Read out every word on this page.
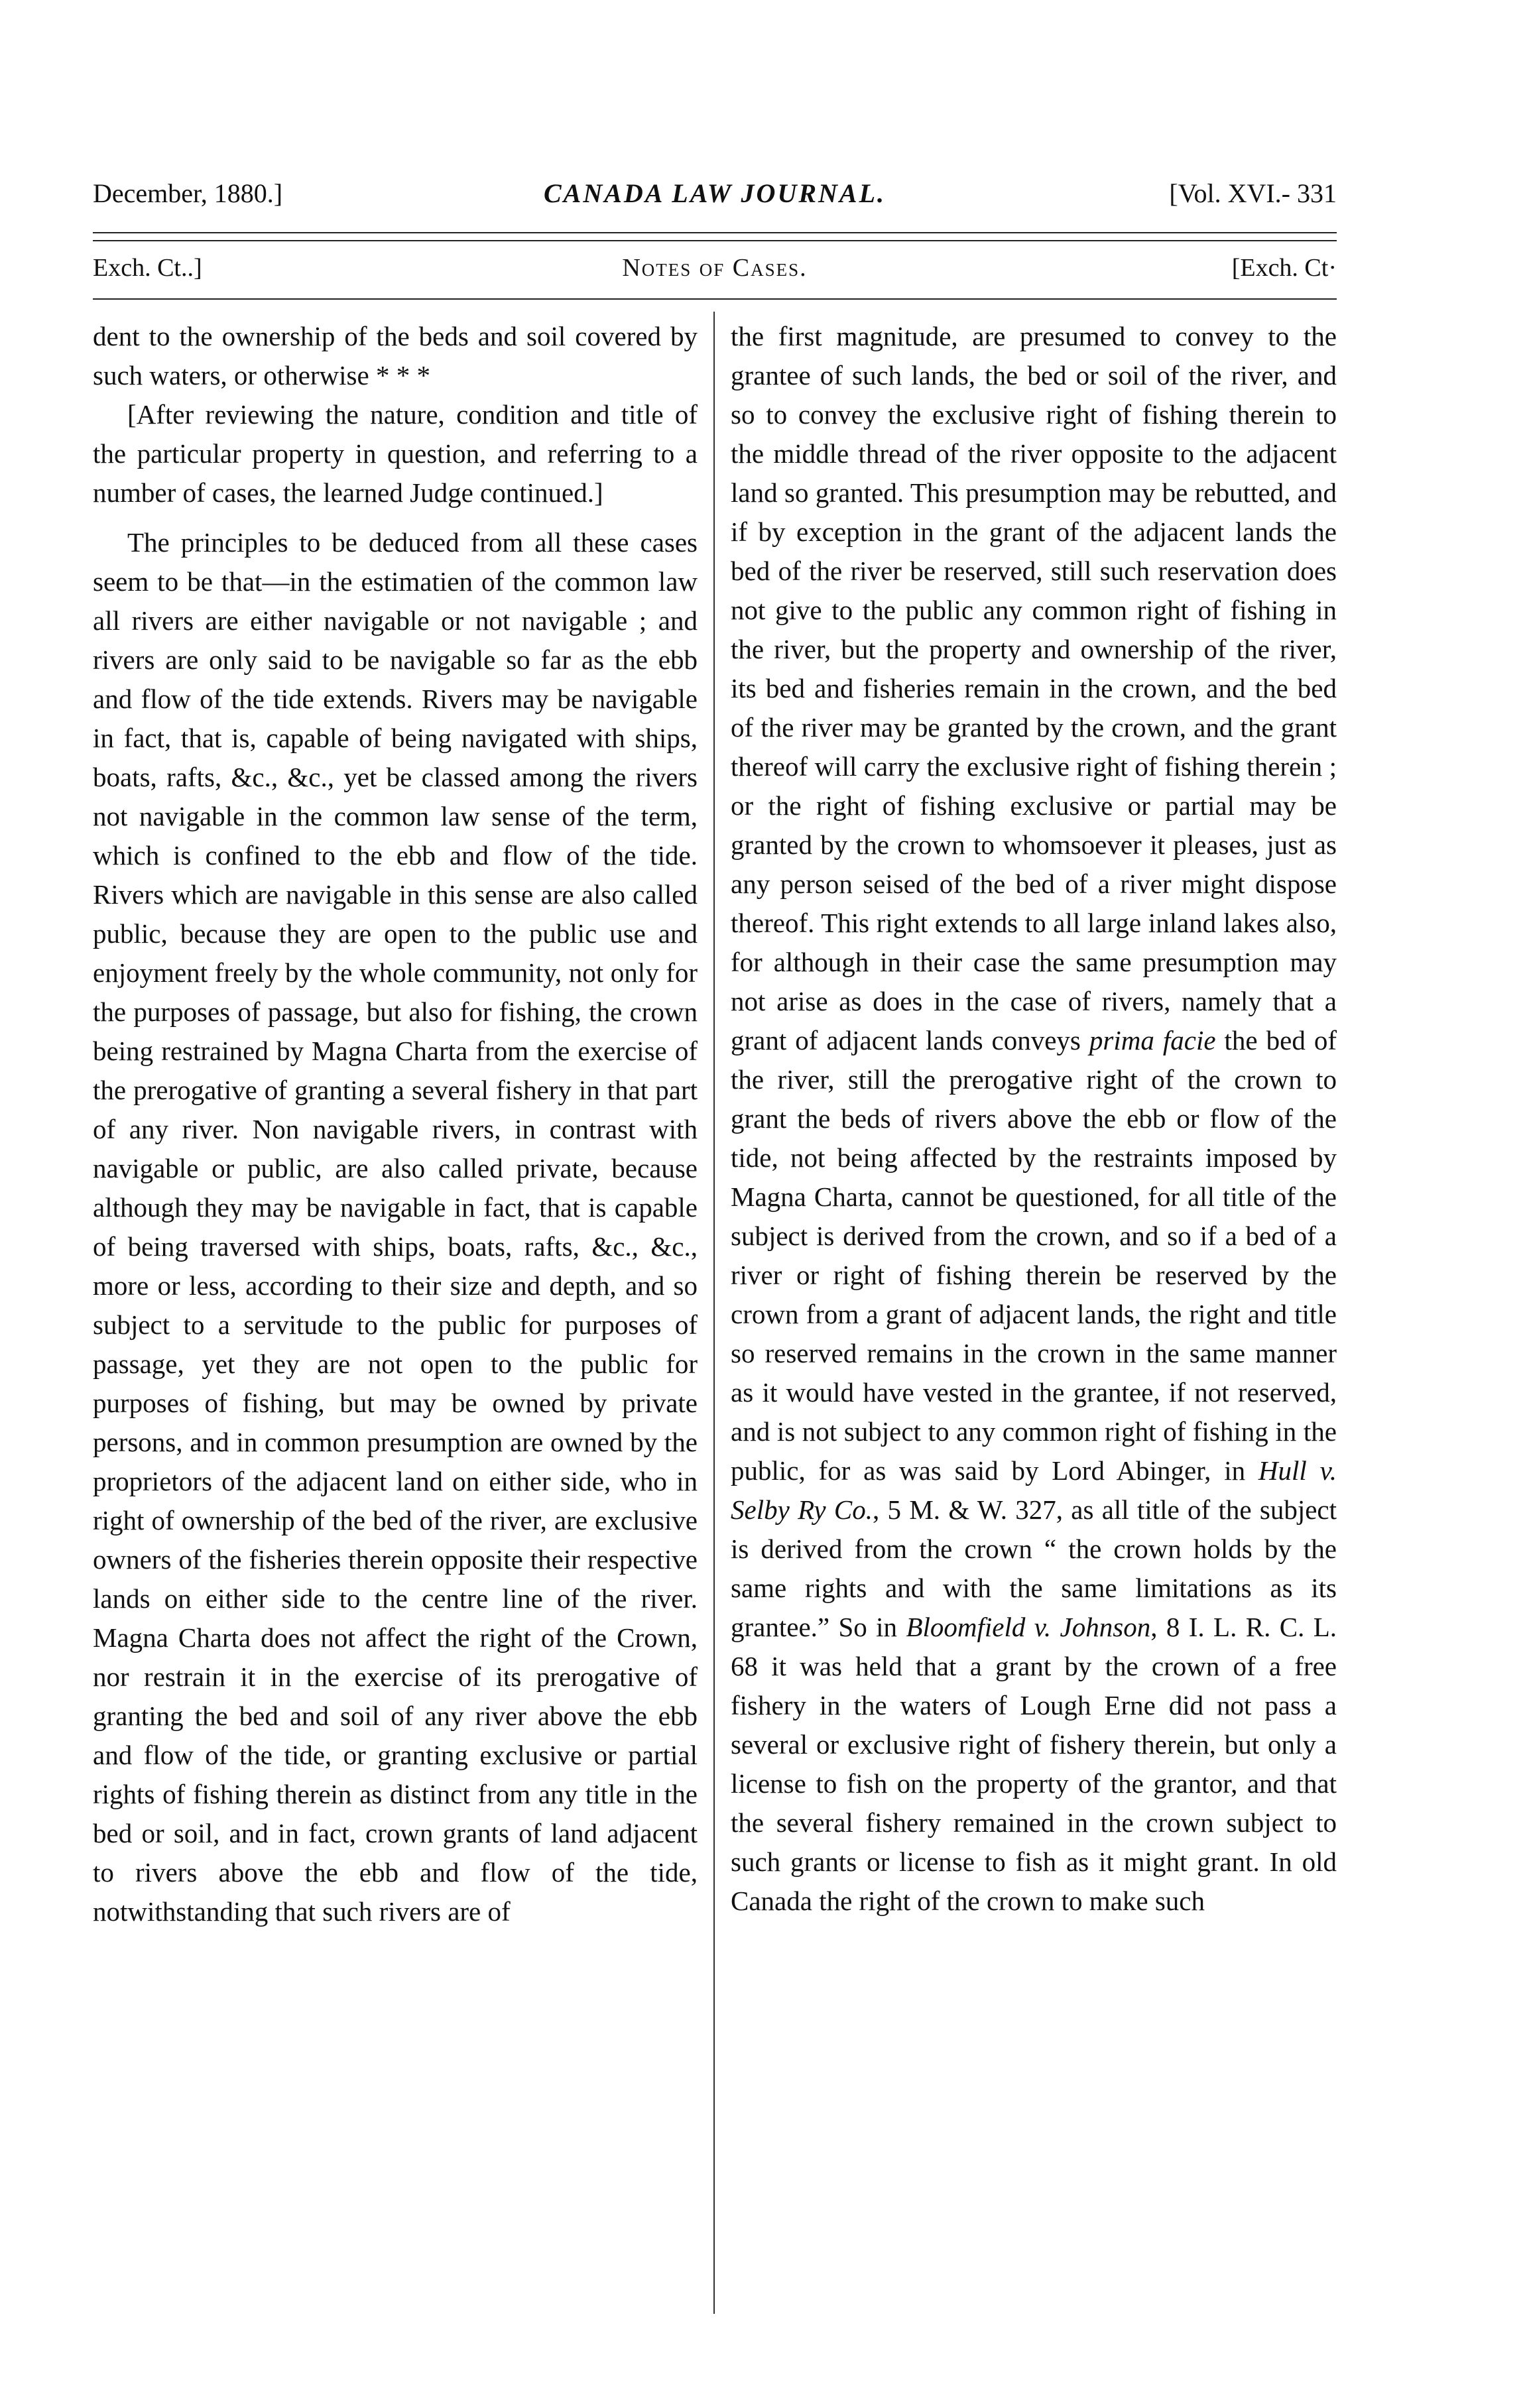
December, 1880.]	CANADA LAW JOURNAL.	[Vol. XVI.- 331
Exch. Ct..]	Notes of Cases.	[Exch. Ct·

dent to the ownership of the beds and soil covered by such waters, or otherwise * * *

[After reviewing the nature, condition and title of the particular property in question, and referring to a number of cases, the learned Judge continued.]

The principles to be deduced from all these cases seem to be that—in the estimatien of the common law all rivers are either navigable or not navigable ; and rivers are only said to be navigable so far as the ebb and flow of the tide extends. Rivers may be navigable in fact, that is, capable of being navigated with ships, boats, rafts, &c., &c., yet be classed among the rivers not navigable in the common law sense of the term, which is confined to the ebb and flow of the tide. Rivers which are navigable in this sense are also called public, because they are open to the public use and enjoyment freely by the whole community, not only for the purposes of passage, but also for fishing, the crown being restrained by Magna Charta from the exercise of the prerogative of granting a several fishery in that part of any river. Non navigable rivers, in contrast with navigable or public, are also called private, because although they may be navigable in fact, that is capable of being traversed with ships, boats, rafts, &c., &c., more or less, according to their size and depth, and so subject to a servitude to the public for purposes of passage, yet they are not open to the public for purposes of fishing, but may be owned by private persons, and in common presumption are owned by the proprietors of the adjacent land on either side, who in right of ownership of the bed of the river, are exclusive owners of the fisheries therein opposite their respective lands on either side to the centre line of the river. Magna Charta does not affect the right of the Crown, nor restrain it in the exercise of its prerogative of granting the bed and soil of any river above the ebb and flow of the tide, or granting exclusive or partial rights of fishing therein as distinct from any title in the bed or soil, and in fact, crown grants of land adjacent to rivers above the ebb and flow of the tide, notwithstanding that such rivers are of

the first magnitude, are presumed to convey to the grantee of such lands, the bed or soil of the river, and so to convey the exclusive right of fishing therein to the middle thread of the river opposite to the adjacent land so granted. This presumption may be rebutted, and if by exception in the grant of the adjacent lands the bed of the river be reserved, still such reservation does not give to the public any common right of fishing in the river, but the property and ownership of the river, its bed and fisheries remain in the crown, and the bed of the river may be granted by the crown, and the grant thereof will carry the exclusive right of fishing therein ; or the right of fishing exclusive or partial may be granted by the crown to whomsoever it pleases, just as any person seised of the bed of a river might dispose thereof. This right extends to all large inland lakes also, for although in their case the same presumption may not arise as does in the case of rivers, namely that a grant of adjacent lands conveys prima facie the bed of the river, still the prerogative right of the crown to grant the beds of rivers above the ebb or flow of the tide, not being affected by the restraints imposed by Magna Charta, cannot be questioned, for all title of the subject is derived from the crown, and so if a bed of a river or right of fishing therein be reserved by the crown from a grant of adjacent lands, the right and title so reserved remains in the crown in the same manner as it would have vested in the grantee, if not reserved, and is not subject to any common right of fishing in the public, for as was said by Lord Abinger, in Hull v. Selby Ry Co., 5 M. & W. 327, as all title of the subject is derived from the crown “ the crown holds by the same rights and with the same limitations as its grantee.” So in Bloomfield v. Johnson, 8 I. L. R. C. L. 68 it was held that a grant by the crown of a free fishery in the waters of Lough Erne did not pass a several or exclusive right of fishery therein, but only a license to fish on the property of the grantor, and that the several fishery remained in the crown subject to such grants or license to fish as it might grant. In old Canada the right of the crown to make such
